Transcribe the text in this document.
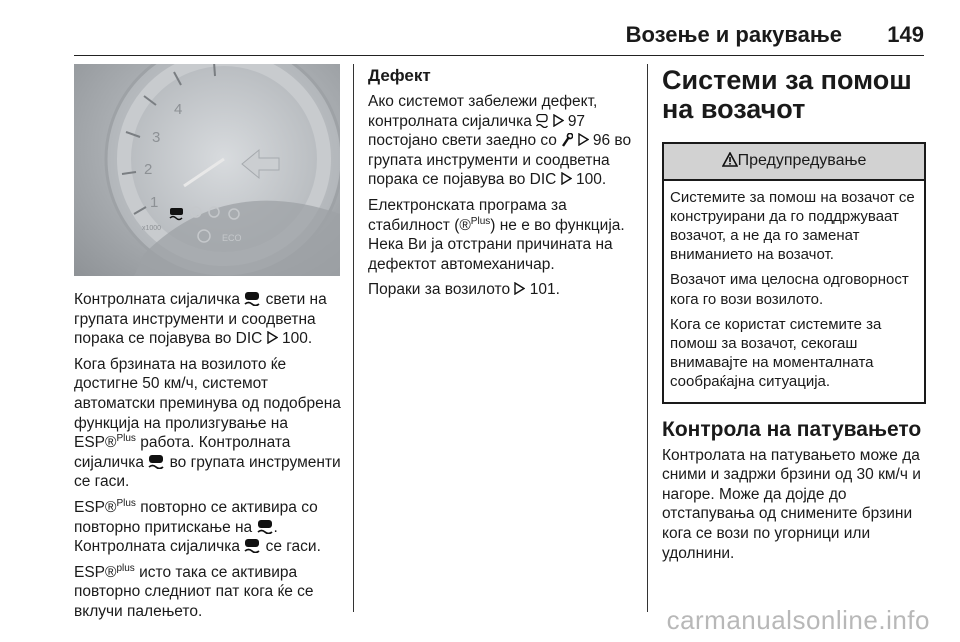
Возење и ракување 149
1
2
3
4
x1000
ECO

Контролната сијаличка свети на групата инструменти и соодветна порака се појавува во DIC 100.

Кога брзината на возилото ќе достигне 50 км/ч, системот автоматски преминува од подобрена функција на пролизгување на ESP®$^{Plus}$ работа. Контролната сијаличка во групата инструменти се гаси.

ESP®$^{Plus}$ повторно се активира со повторно притискање на . Контролната сијаличка се гаси.

ESP®$^{plus}$ исто така се активира повторно следниот пат кога ќе се вклучи палењето.

Дефект

Ако системот забележи дефект, контролната сијаличка 97 постојано свети заедно со 96 во групата инструменти и соодветна порака се појавува во DIC 100.

Електронската програма за стабилност (®$^{Plus}$) не е во функција. Нека Ви ја отстрани причината на дефектот автомеханичар.

Пораки за возилото 101.

Системи за помош на возачот
Предупредување

Системите за помош на возачот се конструирани да го поддржуваат возачот, а не да го заменат вниманието на возачот.

Возачот има целосна одговорност кога го вози возилото.

Кога се користат системите за помош за возачот, секогаш внимавајте на моменталната сообраќајна ситуација.

Контрола на патувањето

Контролата на патувањето може да сними и задржи брзини од 30 км/ч и нагоре. Може да дојде до отстапувања од снимените брзини кога се вози по угорници или удолнини.

carmanualsonline.info
